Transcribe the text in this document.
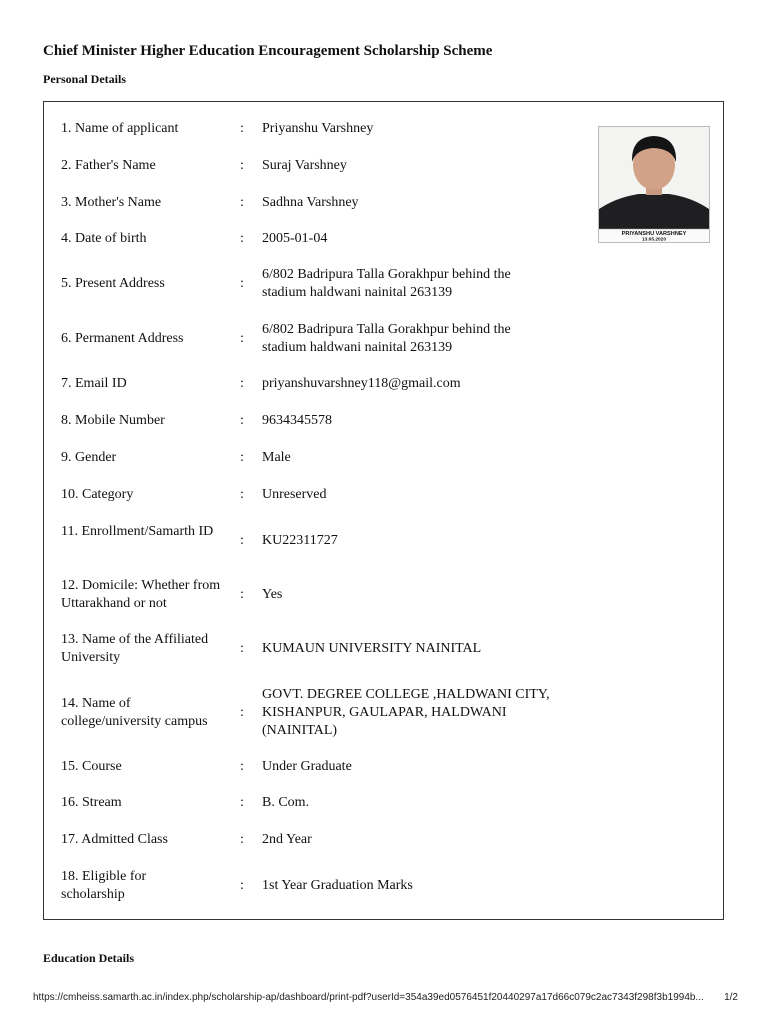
Chief Minister Higher Education Encouragement Scholarship Scheme
Personal Details
PRIYANSHU VARSHNEY
13.05.2020
1. Name of applicant	: Priyanshu Varshney
2. Father's Name	: Suraj Varshney
3. Mother's Name	: Sadhna Varshney
4. Date of birth	: 2005-01-04
5. Present Address	:
6/802 Badripura Talla Gorakhpur behind the stadium haldwani nainital 263139
6. Permanent Address	:
6/802 Badripura Talla Gorakhpur behind the stadium haldwani nainital 263139
7. Email ID	: priyanshuvarshney118@gmail.com
8. Mobile Number	: 9634345578
9. Gender	: Male
10. Category	: Unreserved
11. Enrollment/Samarth ID
: KU22311727
12. Domicile: Whether from Uttarakhand or not
: Yes
13. Name of the Affiliated University
: KUMAUN UNIVERSITY NAINITAL
14. Name of college/university campus
:
GOVT. DEGREE COLLEGE ,HALDWANI CITY, KISHANPUR, GAULAPAR, HALDWANI (NAINITAL)
15. Course	: Under Graduate
16. Stream	: B. Com.
17. Admitted Class	: 2nd Year
18. Eligible for scholarship
: 1st Year Graduation Marks
Education Details
https://cmheiss.samarth.ac.in/index.php/scholarship-ap/dashboard/print-pdf?userId=354a39ed0576451f20440297a17d66c079c2ac7343f298f3b1994b...	1/2
